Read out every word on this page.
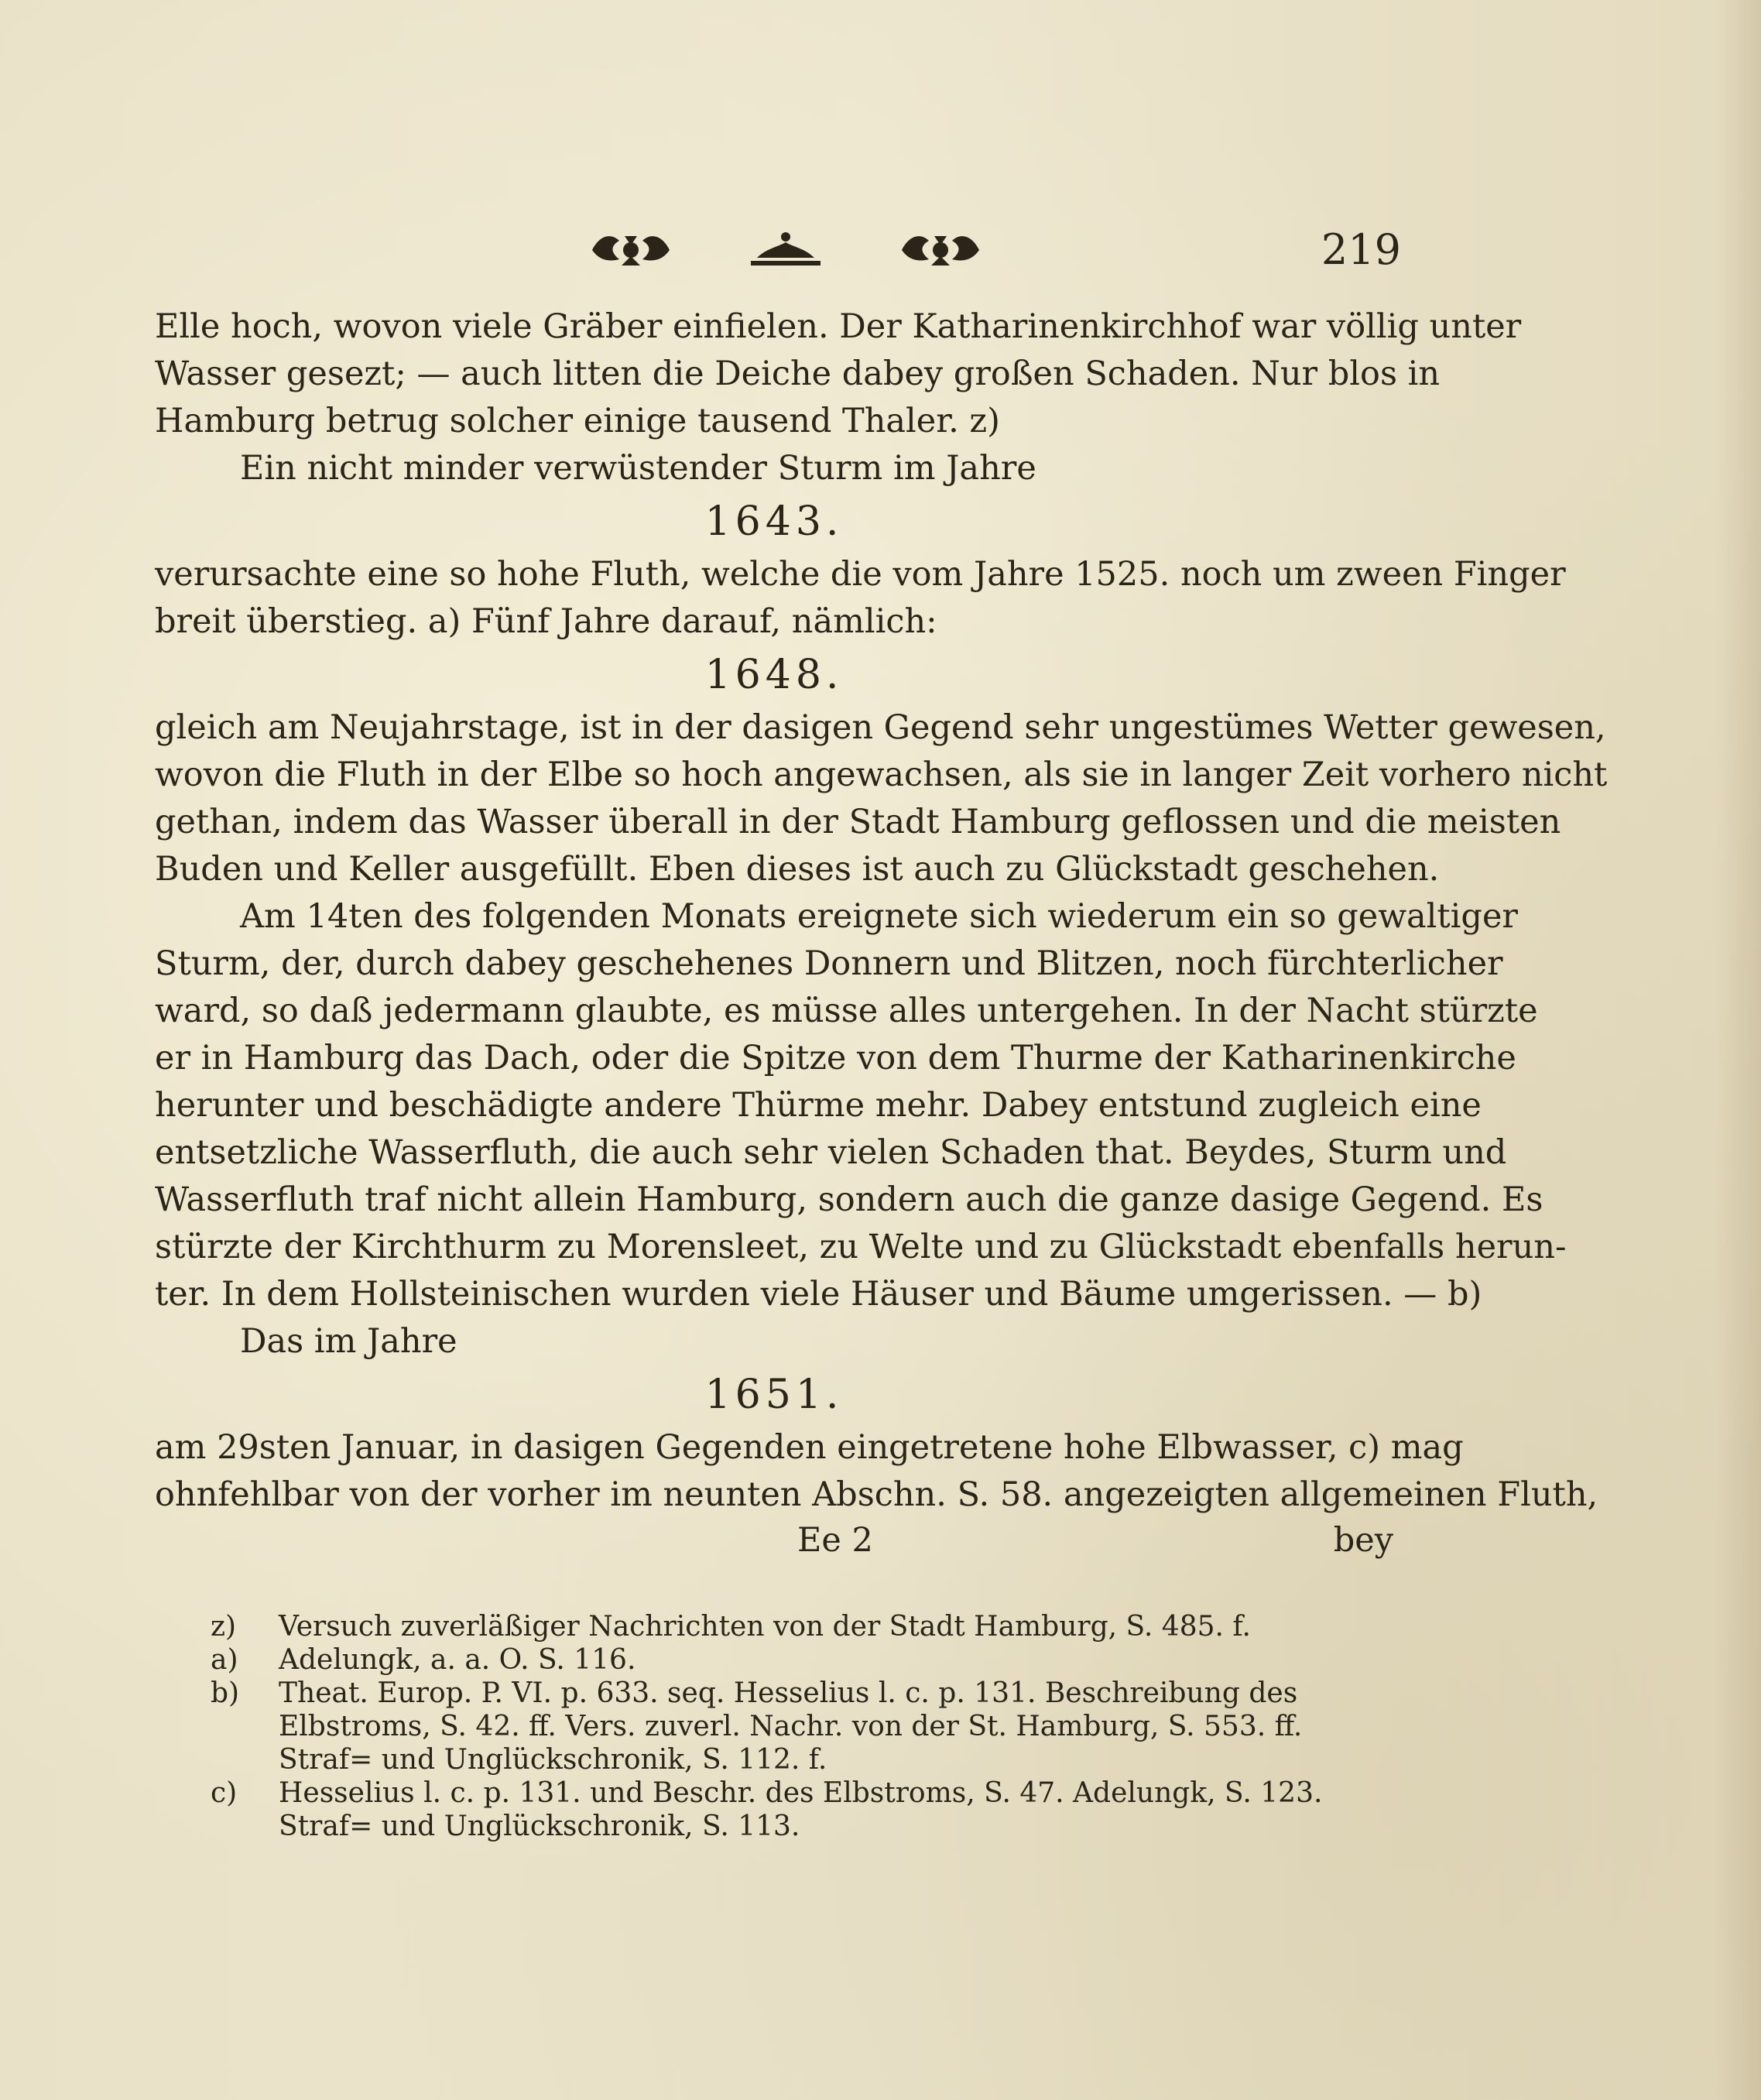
219
Elle hoch, wovon viele Gräber einfielen. Der Katharinenkirchhof war völlig unter
Wasser gesezt; — auch litten die Deiche dabey großen Schaden. Nur blos in
Hamburg betrug solcher einige tausend Thaler. z)
Ein nicht minder verwüstender Sturm im Jahre
1643.
verursachte eine so hohe Fluth, welche die vom Jahre 1525. noch um zween Finger
breit überstieg. a) Fünf Jahre darauf, nämlich:
1648.
gleich am Neujahrstage, ist in der dasigen Gegend sehr ungestümes Wetter gewesen,
wovon die Fluth in der Elbe so hoch angewachsen, als sie in langer Zeit vorhero nicht
gethan, indem das Wasser überall in der Stadt Hamburg geflossen und die meisten
Buden und Keller ausgefüllt. Eben dieses ist auch zu Glückstadt geschehen.
Am 14ten des folgenden Monats ereignete sich wiederum ein so gewaltiger
Sturm, der, durch dabey geschehenes Donnern und Blitzen, noch fürchterlicher
ward, so daß jedermann glaubte, es müsse alles untergehen. In der Nacht stürzte
er in Hamburg das Dach, oder die Spitze von dem Thurme der Katharinenkirche
herunter und beschädigte andere Thürme mehr. Dabey entstund zugleich eine
entsetzliche Wasserfluth, die auch sehr vielen Schaden that. Beydes, Sturm und
Wasserfluth traf nicht allein Hamburg, sondern auch die ganze dasige Gegend. Es
stürzte der Kirchthurm zu Morensleet, zu Welte und zu Glückstadt ebenfalls herun-
ter. In dem Hollsteinischen wurden viele Häuser und Bäume umgerissen. — b)
Das im Jahre
1651.
am 29sten Januar, in dasigen Gegenden eingetretene hohe Elbwasser, c) mag
ohnfehlbar von der vorher im neunten Abschn. S. 58. angezeigten allgemeinen Fluth,
Ee 2	bey
z) Versuch zuverläßiger Nachrichten von der Stadt Hamburg, S. 485. f.
a) Adelungk, a. a. O. S. 116.
b) Theat. Europ. P. VI. p. 633. seq. Hesselius l. c. p. 131. Beschreibung des
Elbstroms, S. 42. ff. Vers. zuverl. Nachr. von der St. Hamburg, S. 553. ff.
Straf= und Unglückschronik, S. 112. f.
c) Hesselius l. c. p. 131. und Beschr. des Elbstroms, S. 47. Adelungk, S. 123.
Straf= und Unglückschronik, S. 113.
